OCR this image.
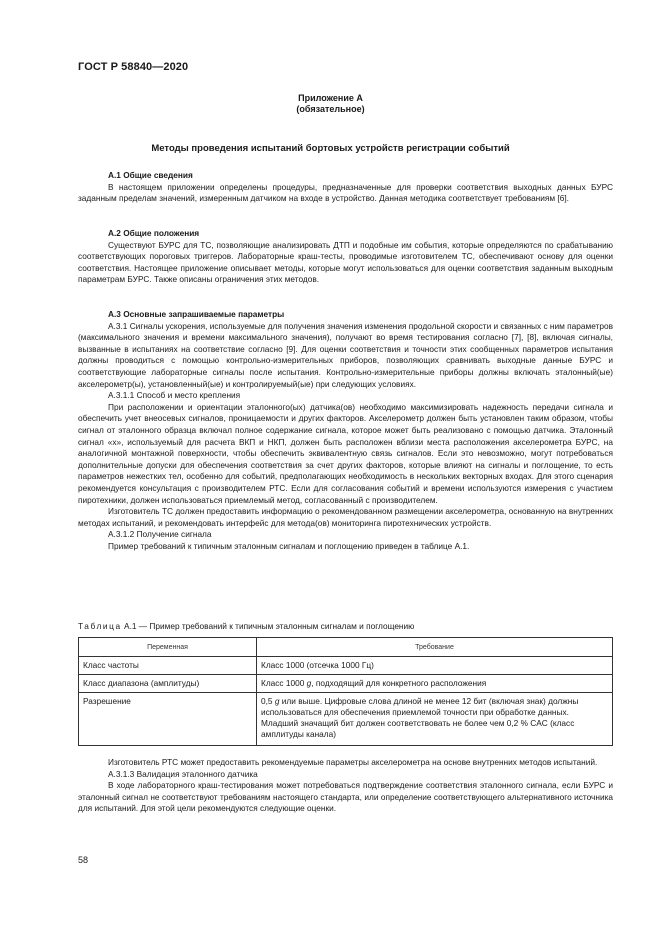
ГОСТ Р 58840—2020
Приложение А
(обязательное)
Методы проведения испытаний бортовых устройств регистрации событий

А.1 Общие сведения

В настоящем приложении определены процедуры, предназначенные для проверки соответствия выходных данных БУРС заданным пределам значений, измеренным датчиком на входе в устройство. Данная методика соответствует требованиям [6].

А.2 Общие положения

Существуют БУРС для ТС, позволяющие анализировать ДТП и подобные им события, которые определяются по срабатыванию соответствующих пороговых триггеров. Лабораторные краш-тесты, проводимые изготовителем ТС, обеспечивают основу для оценки соответствия. Настоящее приложение описывает методы, которые могут использоваться для оценки соответствия заданным выходным параметрам БУРС. Также описаны ограничения этих методов.

А.3 Основные запрашиваемые параметры

А.3.1 Сигналы ускорения, используемые для получения значения изменения продольной скорости и связанных с ним параметров (максимального значения и времени максимального значения), получают во время тестирования согласно [7], [8], включая сигналы, вызванные в испытаниях на соответствие согласно [9]. Для оценки соответствия и точности этих сообщенных параметров испытания должны проводиться с помощью контрольно-измерительных приборов, позволяющих сравнивать выходные данные БУРС и соответствующие лабораторные сигналы после испытания. Контрольно-измерительные приборы должны включать эталонный(ые) акселерометр(ы), установленный(ые) и контролируемый(ые) при следующих условиях.

А.3.1.1 Способ и место крепления

При расположении и ориентации эталонного(ых) датчика(ов) необходимо максимизировать надежность передачи сигнала и обеспечить учет внеосевых сигналов, проницаемости и других факторов. Акселерометр должен быть установлен таким образом, чтобы сигнал от эталонного образца включал полное содержание сигнала, которое может быть реализовано с помощью датчика. Эталонный сигнал «х», используемый для расчета ВКП и НКП, должен быть расположен вблизи места расположения акселерометра БУРС, на аналогичной монтажной поверхности, чтобы обеспечить эквивалентную связь сигналов. Если это невозможно, могут потребоваться дополнительные допуски для обеспечения соответствия за счет других факторов, которые влияют на сигналы и поглощение, то есть параметров нежестких тел, особенно для событий, предполагающих необходимость в нескольких векторных входах. Для этого сценария рекомендуется консультация с производителем РТС. Если для согласования событий и времени используются измерения с участием пиротехники, должен использоваться приемлемый метод, согласованный с производителем.

Изготовитель ТС должен предоставить информацию о рекомендованном размещении акселерометра, основанную на внутренних методах испытаний, и рекомендовать интерфейс для метода(ов) мониторинга пиротехнических устройств.

А.3.1.2 Получение сигнала

Пример требований к типичным эталонным сигналам и поглощению приведен в таблице А.1.

Таблица А.1 — Пример требований к типичным эталонным сигналам и поглощению
Переменная	Требование
Класс частоты	Класс 1000 (отсечка 1000 Гц)
Класс диапазона (амплитуды)	Класс 1000 g, подходящий для конкретного расположения
Разрешение	0,5 g или выше. Цифровые слова длиной не менее 12 бит (включая знак) должны использоваться для обеспечения приемлемой точности при обработке данных. Младший значащий бит должен соответствовать не более чем 0,2 % CAC (класс амплитуды канала)

Изготовитель РТС может предоставить рекомендуемые параметры акселерометра на основе внутренних методов испытаний.

А.3.1.3 Валидация эталонного датчика

В ходе лабораторного краш-тестирования может потребоваться подтверждение соответствия эталонного сигнала, если БУРС и эталонный сигнал не соответствуют требованиям настоящего стандарта, или определение соответствующего альтернативного источника для испытаний. Для этой цели рекомендуются следующие оценки.

58
